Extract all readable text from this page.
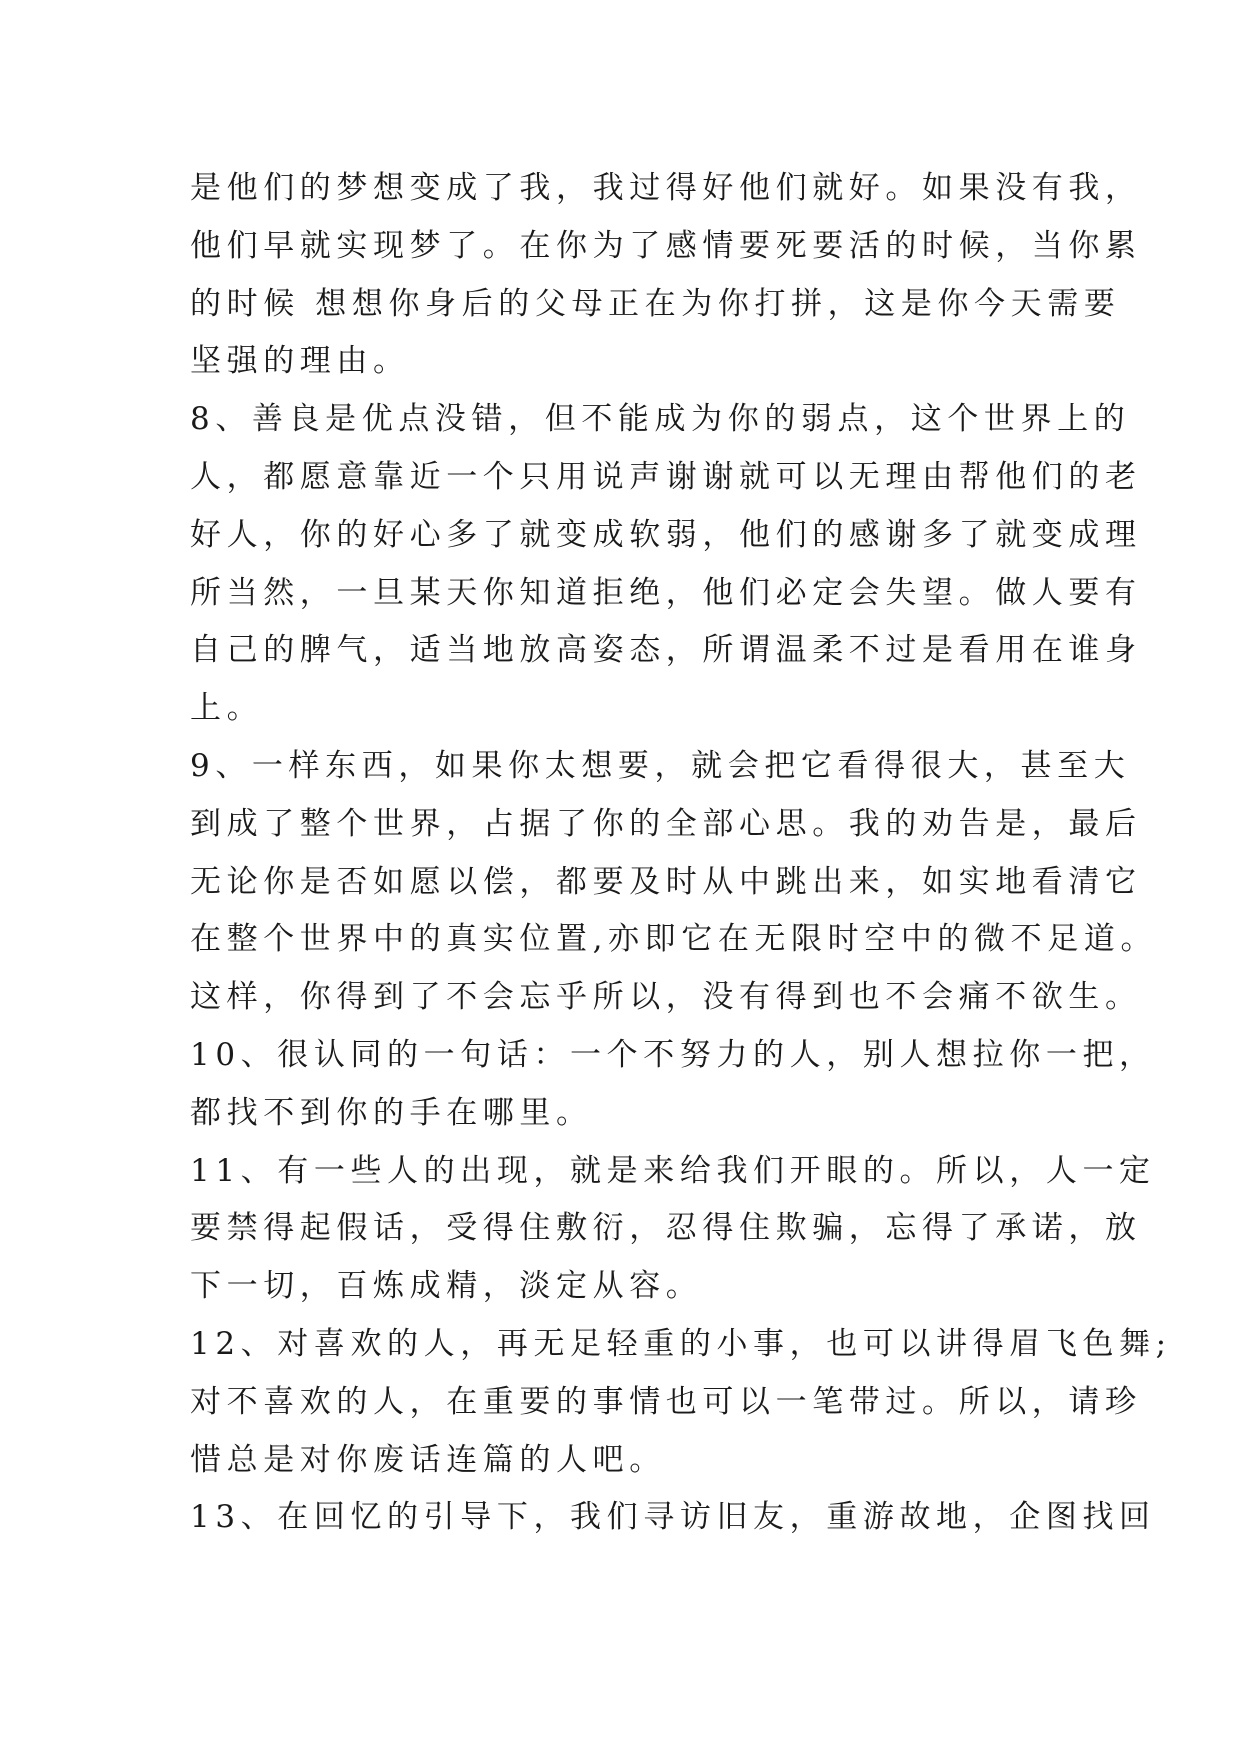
是他们的梦想变成了我，我过得好他们就好。如果没有我，
他们早就实现梦了。在你为了感情要死要活的时候，当你累
的时候 想想你身后的父母正在为你打拼，这是你今天需要
坚强的理由。
8、善良是优点没错，但不能成为你的弱点，这个世界上的
人，都愿意靠近一个只用说声谢谢就可以无理由帮他们的老
好人，你的好心多了就变成软弱，他们的感谢多了就变成理
所当然，一旦某天你知道拒绝，他们必定会失望。做人要有
自己的脾气，适当地放高姿态，所谓温柔不过是看用在谁身
上。
9、一样东西，如果你太想要，就会把它看得很大，甚至大
到成了整个世界，占据了你的全部心思。我的劝告是，最后
无论你是否如愿以偿，都要及时从中跳出来，如实地看清它
在整个世界中的真实位置,亦即它在无限时空中的微不足道。
这样，你得到了不会忘乎所以，没有得到也不会痛不欲生。
10、很认同的一句话：一个不努力的人，别人想拉你一把，
都找不到你的手在哪里。
11、有一些人的出现，就是来给我们开眼的。所以，人一定
要禁得起假话，受得住敷衍，忍得住欺骗，忘得了承诺，放
下一切，百炼成精，淡定从容。
12、对喜欢的人，再无足轻重的小事，也可以讲得眉飞色舞;
对不喜欢的人，在重要的事情也可以一笔带过。所以，请珍
惜总是对你废话连篇的人吧。
13、在回忆的引导下，我们寻访旧友，重游故地，企图找回
